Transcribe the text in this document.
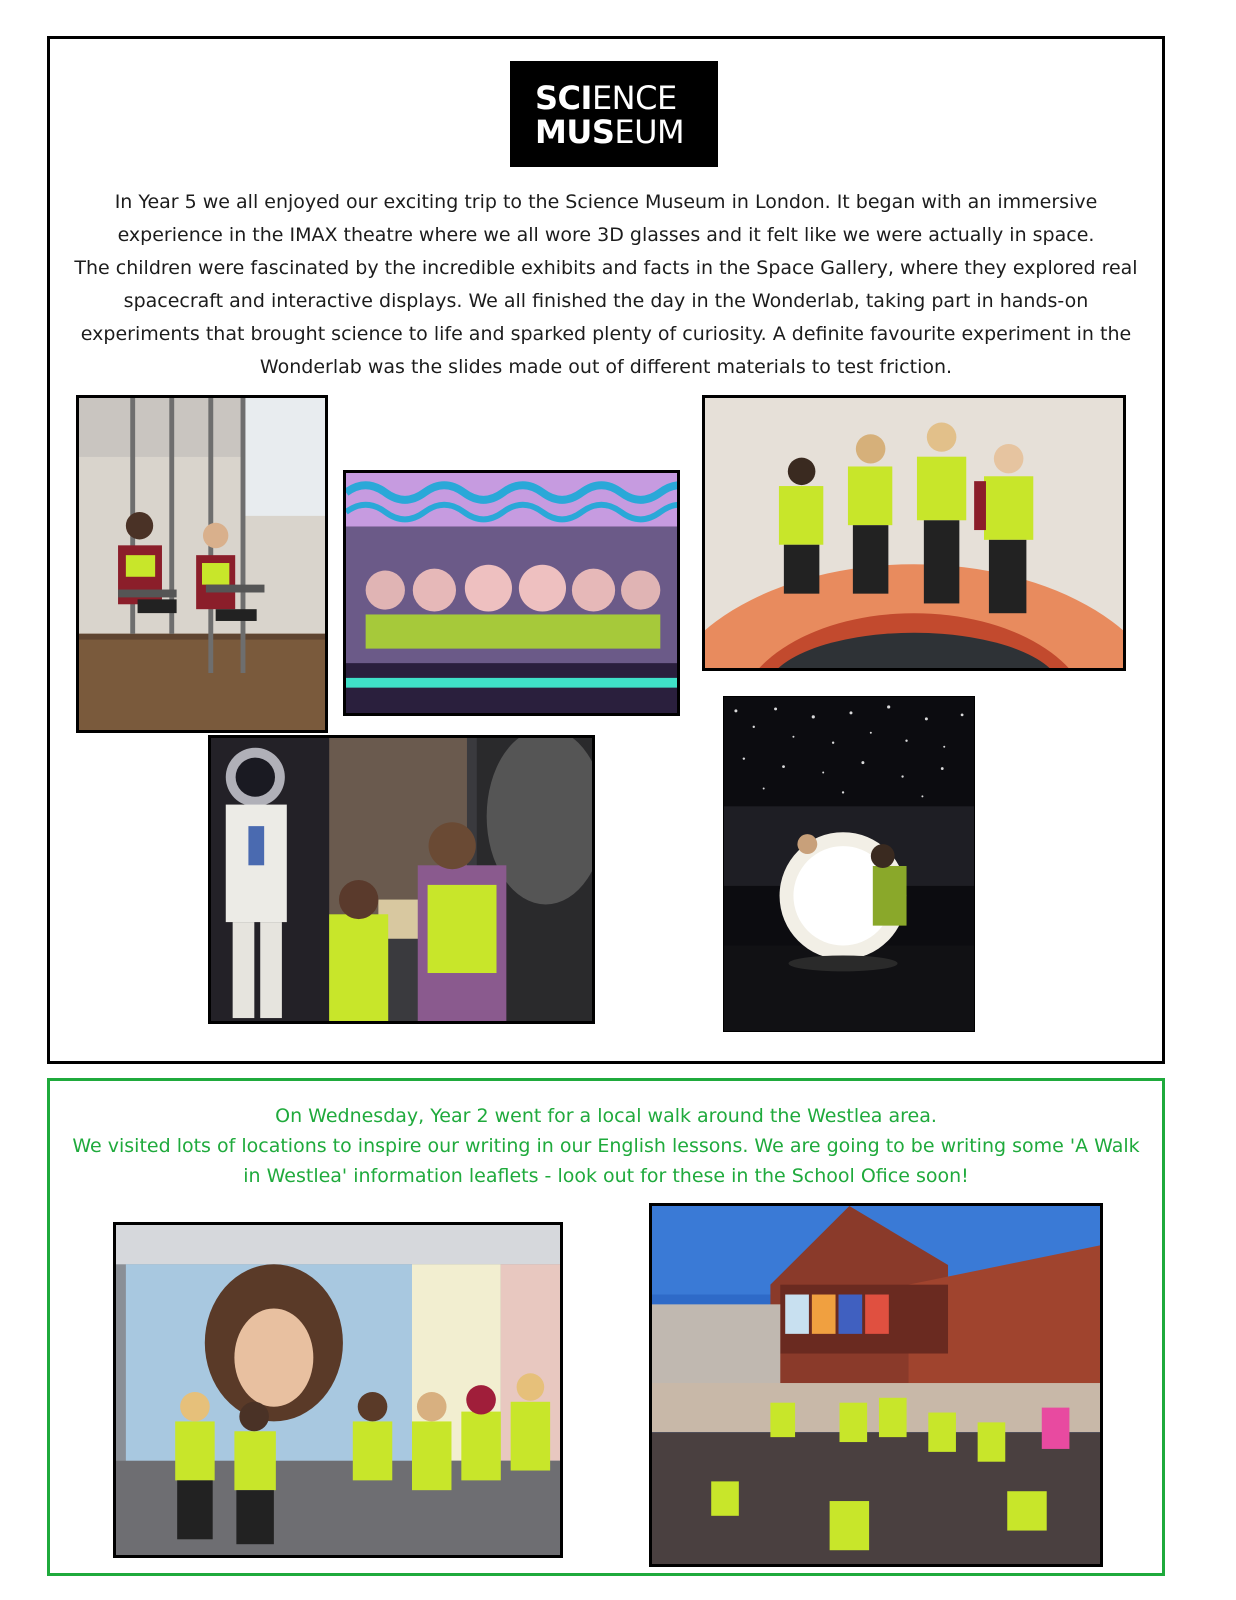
SCIENCE
MUSEUM

In Year 5 we all enjoyed our exciting trip to the Science Museum in London. It began with an immersive
experience in the IMAX theatre where we all wore 3D glasses and it felt like we were actually in space.
The children were fascinated by the incredible exhibits and facts in the Space Gallery, where they explored real
spacecraft and interactive displays. We all finished the day in the Wonderlab, taking part in hands-on
experiments that brought science to life and sparked plenty of curiosity. A definite favourite experiment in the
Wonderlab was the slides made out of different materials to test friction.

On Wednesday, Year 2 went for a local walk around the Westlea area.
We visited lots of locations to inspire our writing in our English lessons. We are going to be writing some 'A Walk
in Westlea' information leaflets - look out for these in the School Ofice soon!
